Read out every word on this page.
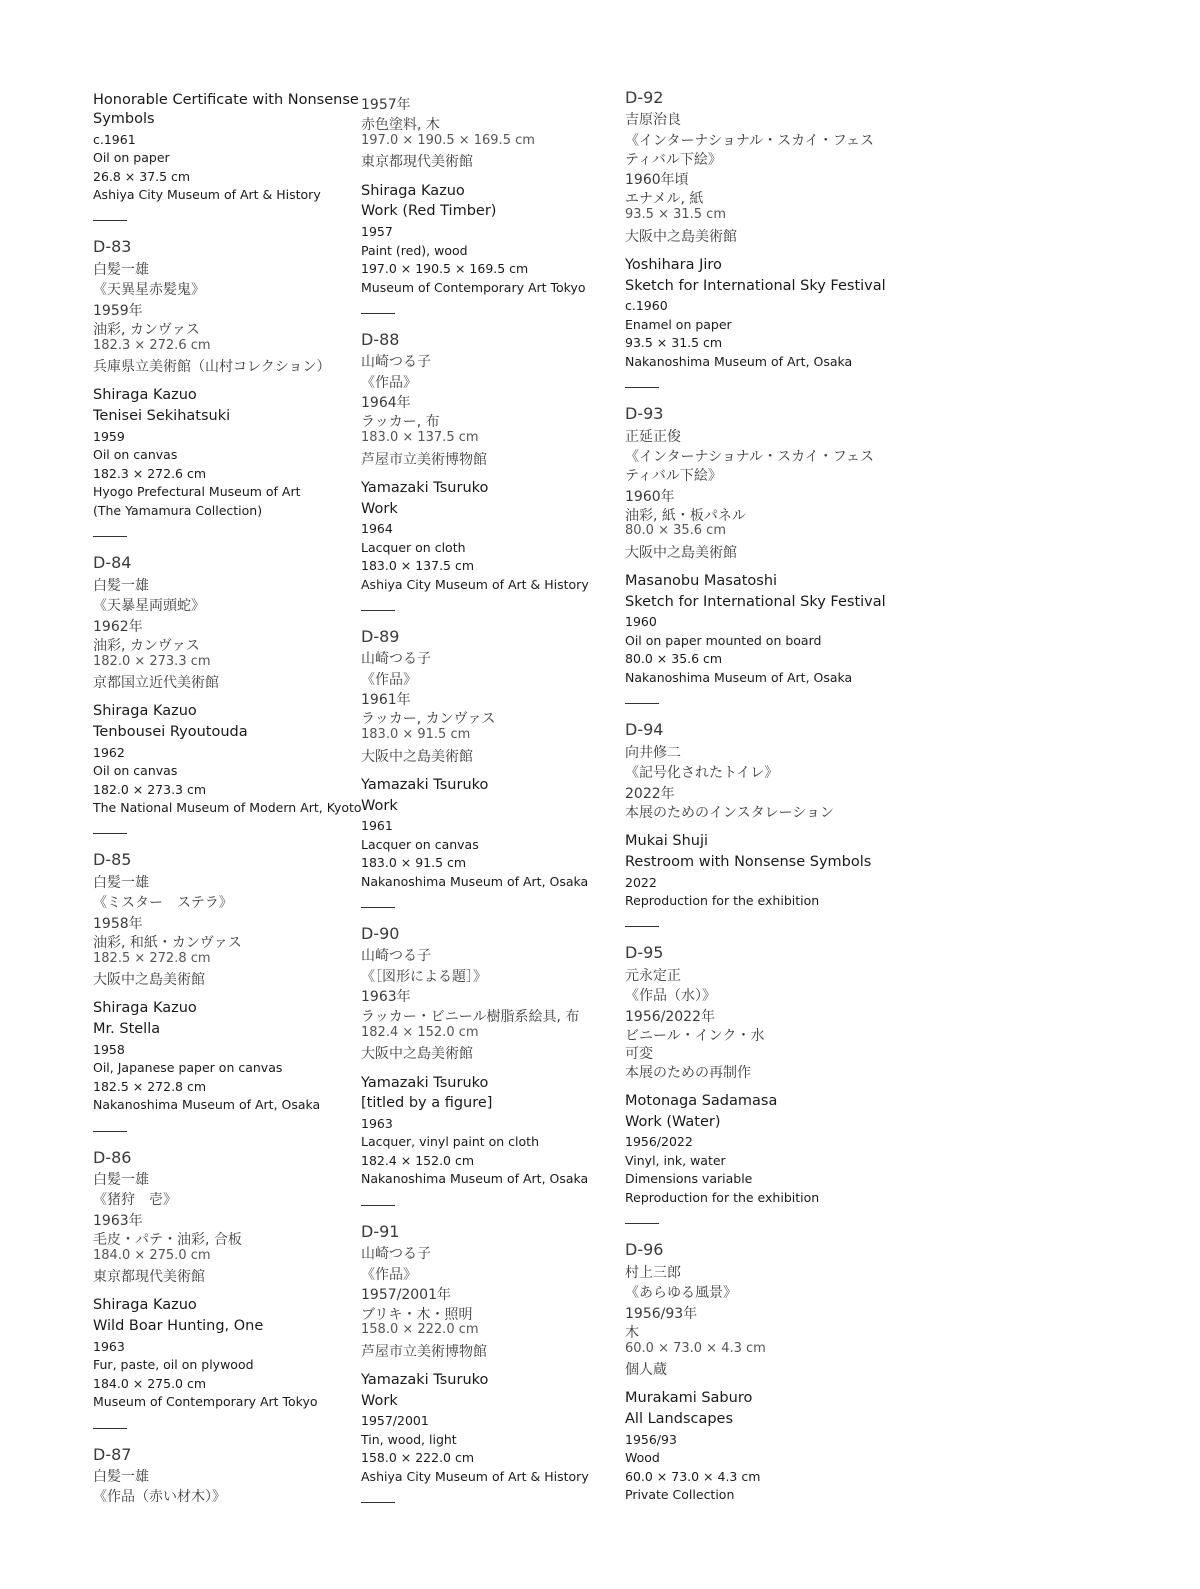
Honorable Certificate with Nonsense
Symbols
c.1961
Oil on paper
26.8 × 37.5 cm
Ashiya City Museum of Art & History
D-83
白髪一雄
《天異星赤髪鬼》
1959年
油彩, カンヴァス
182.3 × 272.6 cm
兵庫県立美術館（山村コレクション）
Shiraga Kazuo
Tenisei Sekihatsuki
1959
Oil on canvas
182.3 × 272.6 cm
Hyogo Prefectural Museum of Art
(The Yamamura Collection)
D-84
白髪一雄
《天暴星両頭蛇》
1962年
油彩, カンヴァス
182.0 × 273.3 cm
京都国立近代美術館
Shiraga Kazuo
Tenbousei Ryoutouda
1962
Oil on canvas
182.0 × 273.3 cm
The National Museum of Modern Art, Kyoto
D-85
白髪一雄
《ミスター　ステラ》
1958年
油彩, 和紙・カンヴァス
182.5 × 272.8 cm
大阪中之島美術館
Shiraga Kazuo
Mr. Stella
1958
Oil, Japanese paper on canvas
182.5 × 272.8 cm
Nakanoshima Museum of Art, Osaka
D-86
白髪一雄
《猪狩　壱》
1963年
毛皮・パテ・油彩, 合板
184.0 × 275.0 cm
東京都現代美術館
Shiraga Kazuo
Wild Boar Hunting, One
1963
Fur, paste, oil on plywood
184.0 × 275.0 cm
Museum of Contemporary Art Tokyo
D-87
白髪一雄
《作品（赤い材木）》
1957年
赤色塗料, 木
197.0 × 190.5 × 169.5 cm
東京都現代美術館
Shiraga Kazuo
Work (Red Timber)
1957
Paint (red), wood
197.0 × 190.5 × 169.5 cm
Museum of Contemporary Art Tokyo
D-88
山崎つる子
《作品》
1964年
ラッカー, 布
183.0 × 137.5 cm
芦屋市立美術博物館
Yamazaki Tsuruko
Work
1964
Lacquer on cloth
183.0 × 137.5 cm
Ashiya City Museum of Art & History
D-89
山崎つる子
《作品》
1961年
ラッカー, カンヴァス
183.0 × 91.5 cm
大阪中之島美術館
Yamazaki Tsuruko
Work
1961
Lacquer on canvas
183.0 × 91.5 cm
Nakanoshima Museum of Art, Osaka
D-90
山崎つる子
《［図形による題］》
1963年
ラッカー・ビニール樹脂系絵具, 布
182.4 × 152.0 cm
大阪中之島美術館
Yamazaki Tsuruko
[titled by a figure]
1963
Lacquer, vinyl paint on cloth
182.4 × 152.0 cm
Nakanoshima Museum of Art, Osaka
D-91
山崎つる子
《作品》
1957/2001年
ブリキ・木・照明
158.0 × 222.0 cm
芦屋市立美術博物館
Yamazaki Tsuruko
Work
1957/2001
Tin, wood, light
158.0 × 222.0 cm
Ashiya City Museum of Art & History
D-92
吉原治良
《インターナショナル・スカイ・フェス
ティバル下絵》
1960年頃
エナメル, 紙
93.5 × 31.5 cm
大阪中之島美術館
Yoshihara Jiro
Sketch for International Sky Festival
c.1960
Enamel on paper
93.5 × 31.5 cm
Nakanoshima Museum of Art, Osaka
D-93
正延正俊
《インターナショナル・スカイ・フェス
ティバル下絵》
1960年
油彩, 紙・板パネル
80.0 × 35.6 cm
大阪中之島美術館
Masanobu Masatoshi
Sketch for International Sky Festival
1960
Oil on paper mounted on board
80.0 × 35.6 cm
Nakanoshima Museum of Art, Osaka
D-94
向井修二
《記号化されたトイレ》
2022年
本展のためのインスタレーション
Mukai Shuji
Restroom with Nonsense Symbols
2022
Reproduction for the exhibition
D-95
元永定正
《作品（水）》
1956/2022年
ビニール・インク・水
可変
本展のための再制作
Motonaga Sadamasa
Work (Water)
1956/2022
Vinyl, ink, water
Dimensions variable
Reproduction for the exhibition
D-96
村上三郎
《あらゆる風景》
1956/93年
木
60.0 × 73.0 × 4.3 cm
個人蔵
Murakami Saburo
All Landscapes
1956/93
Wood
60.0 × 73.0 × 4.3 cm
Private Collection
